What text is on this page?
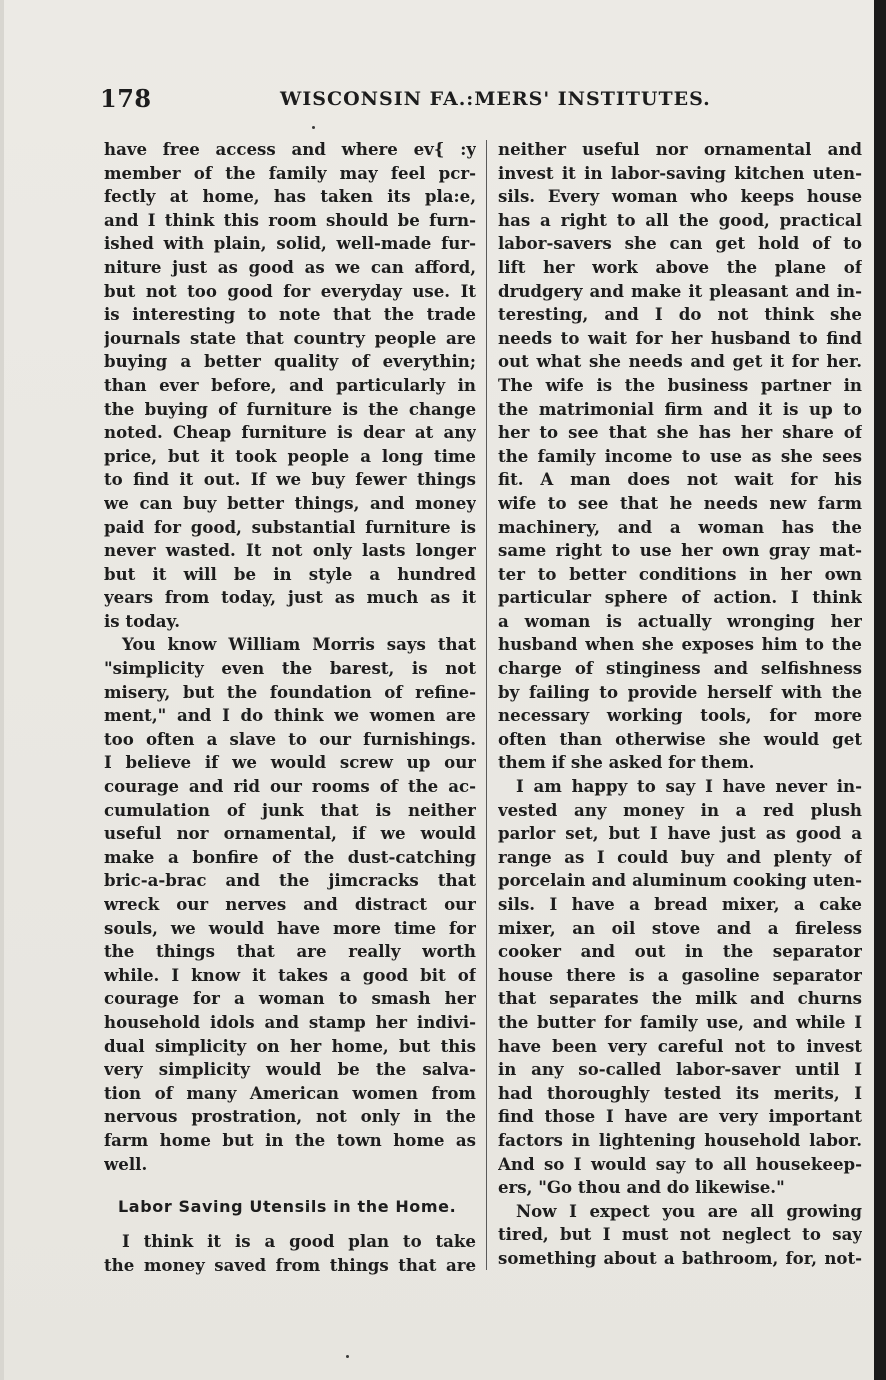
178	WISCONSIN FA.:MERS' INSTITUTES.
have free access and where ev{ :y
member of the family may feel pcr-
fectly at home, has taken its pla:e,
and I think this room should be furn-
ished with plain, solid, well-made fur-
niture just as good as we can afford,
but not too good for everyday use. It
is interesting to note that the trade
journals state that country people are
buying a better quality of everythin;
than ever before, and particularly in
the buying of furniture is the change
noted. Cheap furniture is dear at any
price, but it took people a long time
to find it out. If we buy fewer things
we can buy better things, and money
paid for good, substantial furniture is
never wasted. It not only lasts longer
but it will be in style a hundred
years from today, just as much as it
is today.
You know William Morris says that
"simplicity even the barest, is not
misery, but the foundation of refine-
ment," and I do think we women are
too often a slave to our furnishings.
I believe if we would screw up our
courage and rid our rooms of the ac-
cumulation of junk that is neither
useful nor ornamental, if we would
make a bonfire of the dust-catching
bric-a-brac and the jimcracks that
wreck our nerves and distract our
souls, we would have more time for
the things that are really worth
while. I know it takes a good bit of
courage for a woman to smash her
household idols and stamp her indivi-
dual simplicity on her home, but this
very simplicity would be the salva-
tion of many American women from
nervous prostration, not only in the
farm home but in the town home as
well.
Labor Saving Utensils in the Home.
I think it is a good plan to take
the money saved from things that are
neither useful nor ornamental and
invest it in labor-saving kitchen uten-
sils. Every woman who keeps house
has a right to all the good, practical
labor-savers she can get hold of to
lift her work above the plane of
drudgery and make it pleasant and in-
teresting, and I do not think she
needs to wait for her husband to find
out what she needs and get it for her.
The wife is the business partner in
the matrimonial firm and it is up to
her to see that she has her share of
the family income to use as she sees
fit. A man does not wait for his
wife to see that he needs new farm
machinery, and a woman has the
same right to use her own gray mat-
ter to better conditions in her own
particular sphere of action. I think
a woman is actually wronging her
husband when she exposes him to the
charge of stinginess and selfishness
by failing to provide herself with the
necessary working tools, for more
often than otherwise she would get
them if she asked for them.
I am happy to say I have never in-
vested any money in a red plush
parlor set, but I have just as good a
range as I could buy and plenty of
porcelain and aluminum cooking uten-
sils. I have a bread mixer, a cake
mixer, an oil stove and a fireless
cooker and out in the separator
house there is a gasoline separator
that separates the milk and churns
the butter for family use, and while I
have been very careful not to invest
in any so-called labor-saver until I
had thoroughly tested its merits, I
find those I have are very important
factors in lightening household labor.
And so I would say to all housekeep-
ers, "Go thou and do likewise."
Now I expect you are all growing
tired, but I must not neglect to say
something about a bathroom, for, not-
